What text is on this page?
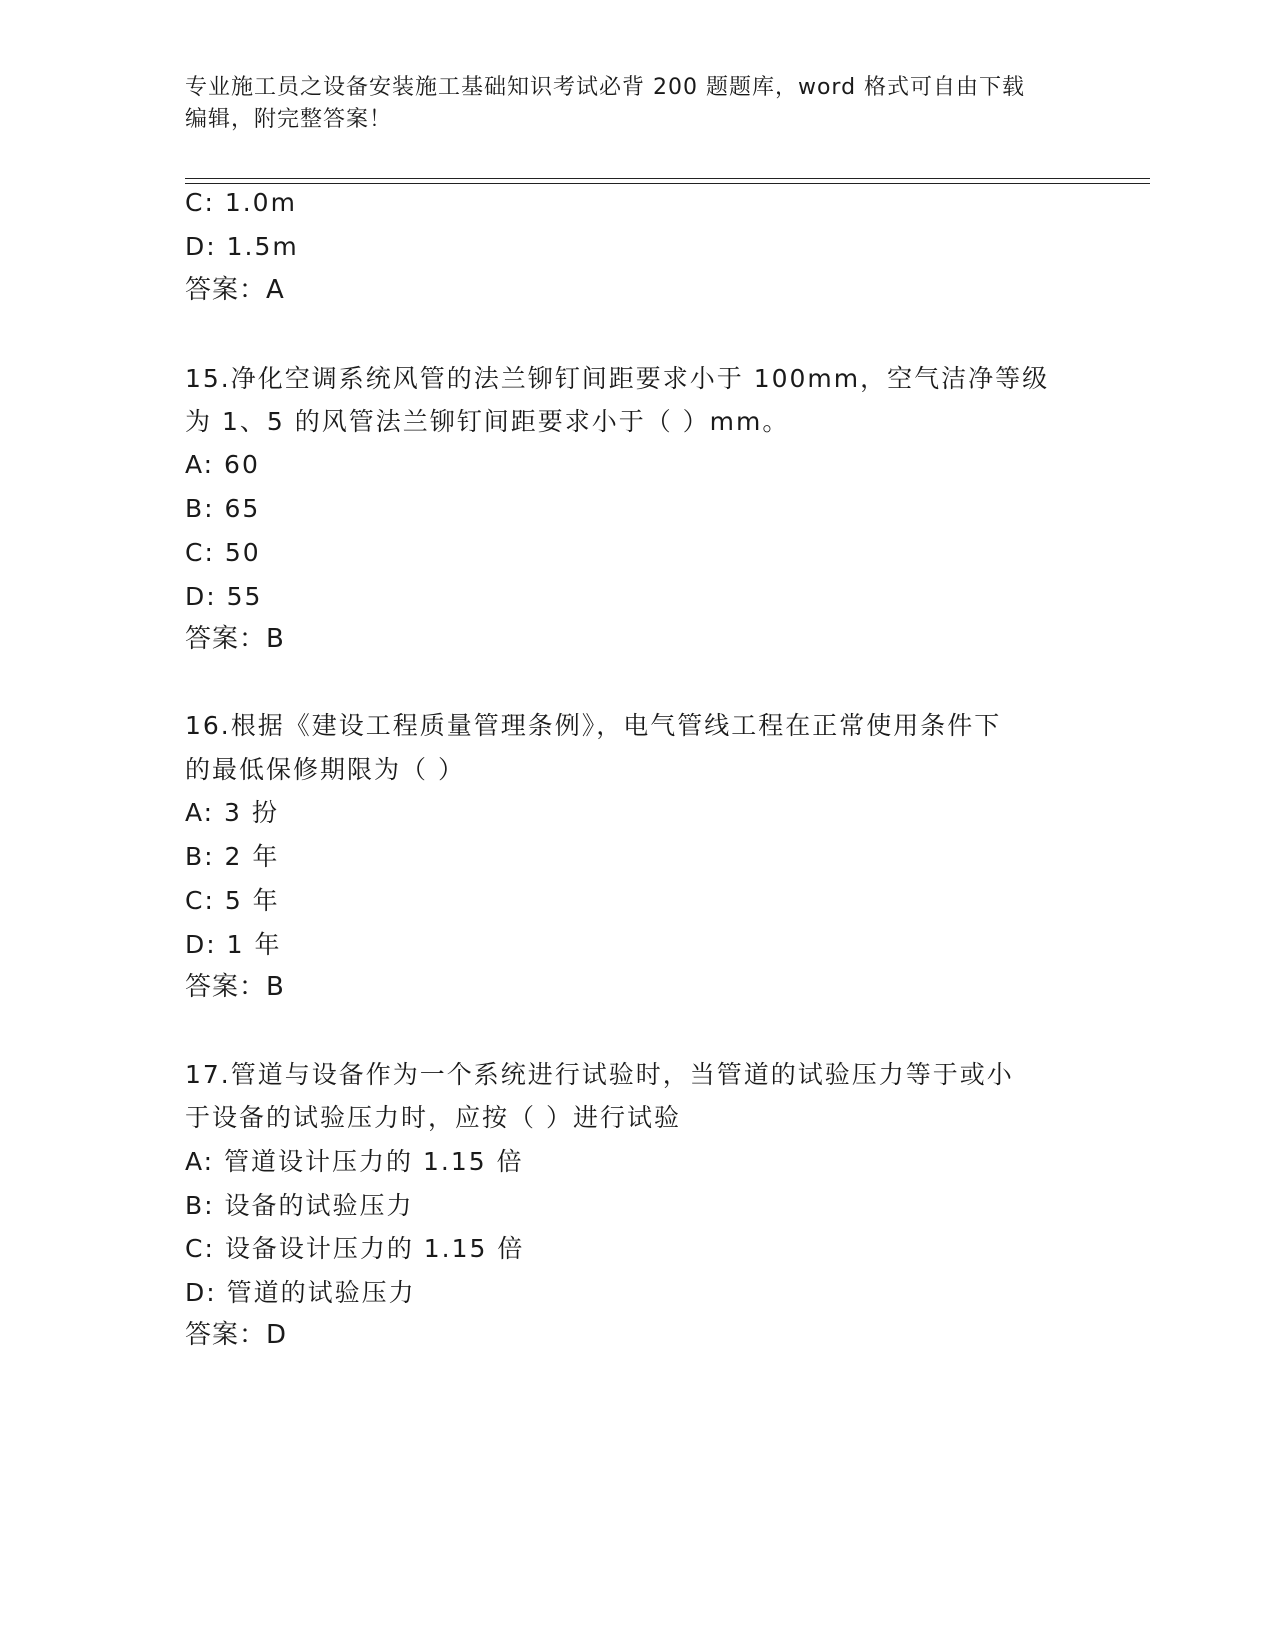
专业施工员之设备安装施工基础知识考试必背 200 题题库，word 格式可自由下载
编辑，附完整答案！
C: 1.0m
D: 1.5m
答案：A
15.净化空调系统风管的法兰铆钉间距要求小于 100mm，空气洁净等级
为 1、5 的风管法兰铆钉间距要求小于（ ）mm。
A: 60
B: 65
C: 50
D: 55
答案：B
16.根据《建设工程质量管理条例》，电气管线工程在正常使用条件下
的最低保修期限为（ ）
A: 3 扮
B: 2 年
C: 5 年
D: 1 年
答案：B
17.管道与设备作为一个系统进行试验时，当管道的试验压力等于或小
于设备的试验压力时，应按（ ）进行试验
A: 管道设计压力的 1.15 倍
B: 设备的试验压力
C: 设备设计压力的 1.15 倍
D: 管道的试验压力
答案：D
